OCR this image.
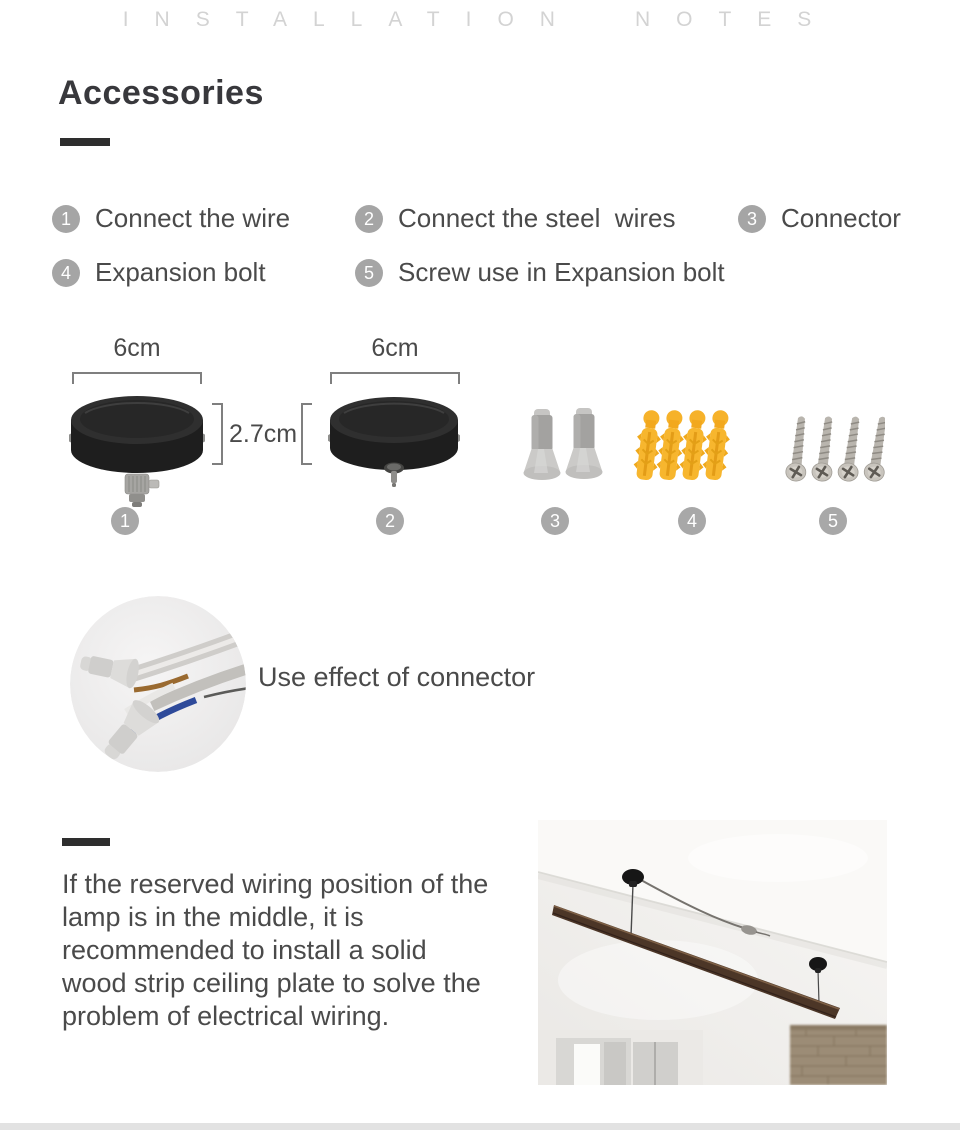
INSTALLATION	NOTES
Accessories
1 Connect the wire	2 Connect the steel  wires	3 Connector
4 Expansion bolt	5 Screw use in Expansion bolt
6cm	6cm
2.7cm
1	2	3	4	5
Use effect of connector
If the reserved wiring position of the
lamp is in the middle, it is
recommended to install a solid
wood strip ceiling plate to solve the
problem of electrical wiring.
